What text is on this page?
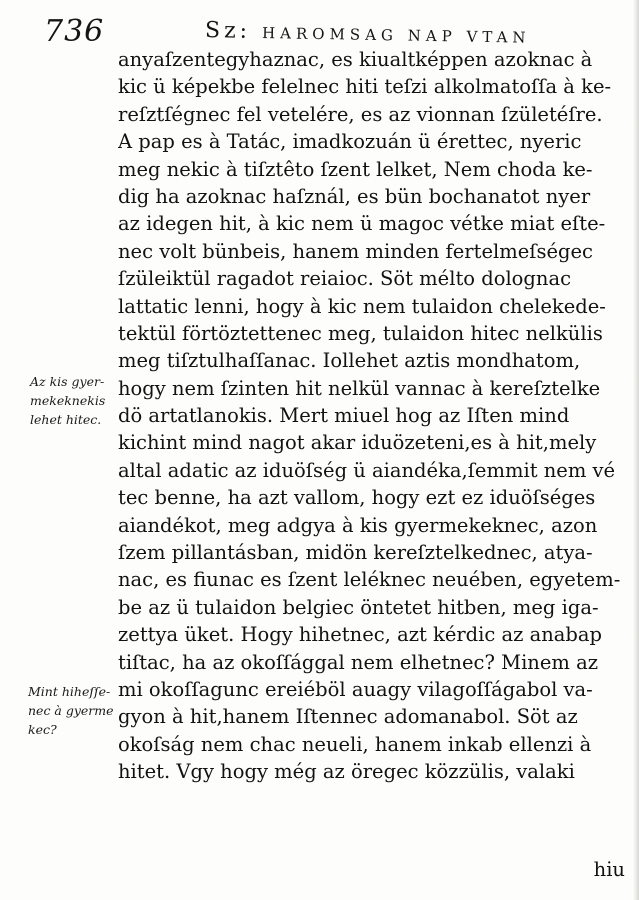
736	Sz: HAROMSAG NAP VTAN
anyaſzentegyhaznac, es kiualtképpen azoknac à
kic ü képekbe felelnec hiti teſzi alkolmatoſſa à ke-
reſztſégnec fel vetelére, es az vionnan ſzületéſre.
A pap es à Tatác, imadkozuán ü érettec, nyeric
meg nekic à tiſztêto ſzent lelket, Nem choda ke-
dig ha azoknac haſznál, es bün bochanatot nyer
az idegen hit, à kic nem ü magoc vétke miat eſte-
nec volt bünbeis, hanem minden fertelmeſségec
ſzüleiktül ragadot reiaioc. Söt mélto dolognac
lattatic lenni, hogy à kic nem tulaidon chelekede-
tektül förtöztettenec meg, tulaidon hitec nelkülis
meg tiſztulhaſſanac. Iollehet aztis mondhatom,
hogy nem ſzinten hit nelkül vannac à kereſztelke
dö artatlanokis. Mert miuel hog az Iſten mind
kichint mind nagot akar iduözeteni,es à hit,mely
altal adatic az iduöſség ü aiandéka,ſemmit nem vé
tec benne, ha azt vallom, hogy ezt ez iduöſséges
aiandékot, meg adgya à kis gyermekeknec, azon
ſzem pillantásban, midön kereſztelkednec, atya-
nac, es fiunac es ſzent leléknec neuében, egyetem-
be az ü tulaidon belgiec öntetet hitben, meg iga-
zettya üket. Hogy hihetnec, azt kérdic az anabap
tiſtac, ha az okoſſággal nem elhetnec? Minem az
mi okoſſagunc ereiéböl auagy vilagoſſágabol va-
gyon à hit,hanem Iſtennec adomanabol. Söt az
okoſság nem chac neueli, hanem inkab ellenzi à
hitet. Vgy hogy még az öregec közzülis, valaki
Az kis gyer-
mekeknekis
lehet hitec.
Mint hiheſſe-
nec à gyerme
kec?
hiu
